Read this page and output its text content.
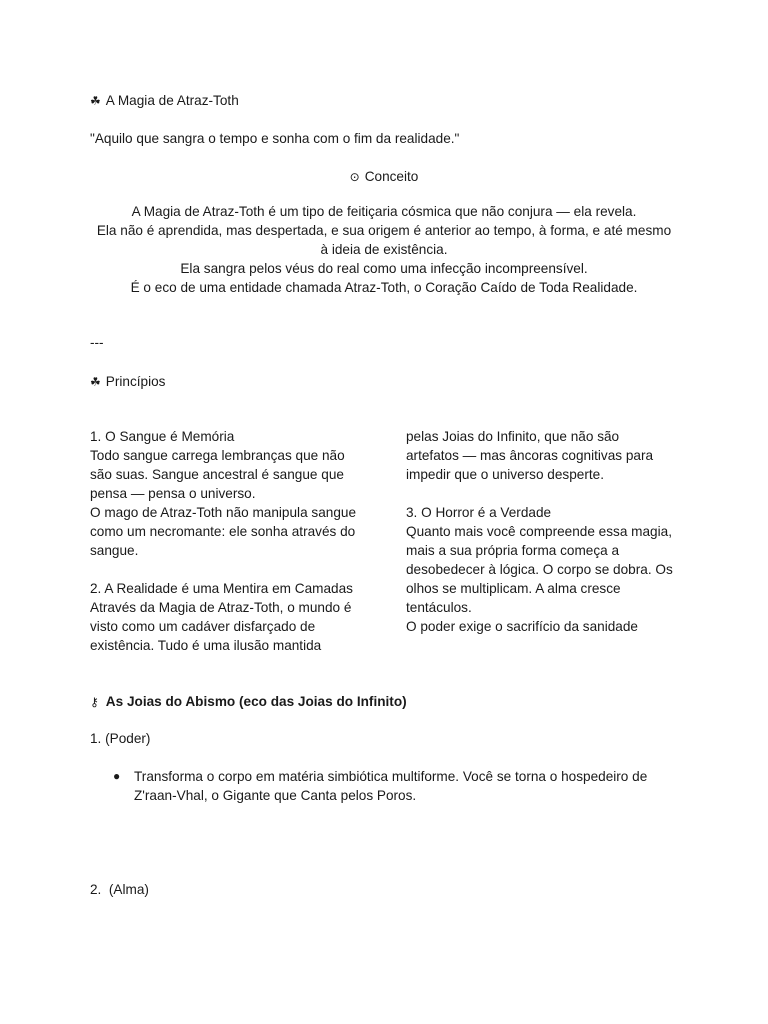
☘ A Magia de Atraz-Toth

"Aquilo que sangra o tempo e sonha com o fim da realidade."

⊙ Conceito

A Magia de Atraz-Toth é um tipo de feitiçaria cósmica que não conjura — ela revela.
Ela não é aprendida, mas despertada, e sua origem é anterior ao tempo, à forma, e até mesmo
à ideia de existência.
Ela sangra pelos véus do real como uma infecção incompreensível.
É o eco de uma entidade chamada Atraz-Toth, o Coração Caído de Toda Realidade.

---

☘ Princípios

1. O Sangue é Memória

Todo sangue carrega lembranças que não

são suas. Sangue ancestral é sangue que

pensa — pensa o universo.

O mago de Atraz-Toth não manipula sangue

como um necromante: ele sonha através do

sangue.

2. A Realidade é uma Mentira em Camadas

Através da Magia de Atraz-Toth, o mundo é

visto como um cadáver disfarçado de

existência. Tudo é uma ilusão mantida

pelas Joias do Infinito, que não são

artefatos — mas âncoras cognitivas para

impedir que o universo desperte.

3. O Horror é a Verdade

Quanto mais você compreende essa magia,

mais a sua própria forma começa a

desobedecer à lógica. O corpo se dobra. Os

olhos se multiplicam. A alma cresce

tentáculos.

O poder exige o sacrifício da sanidade

⚷ As Joias do Abismo (eco das Joias do Infinito)

1. (Poder)

● Transforma o corpo em matéria simbiótica multiforme. Você se torna o hospedeiro de Z'raan-Vhal, o Gigante que Canta pelos Poros.

2.  (Alma)
